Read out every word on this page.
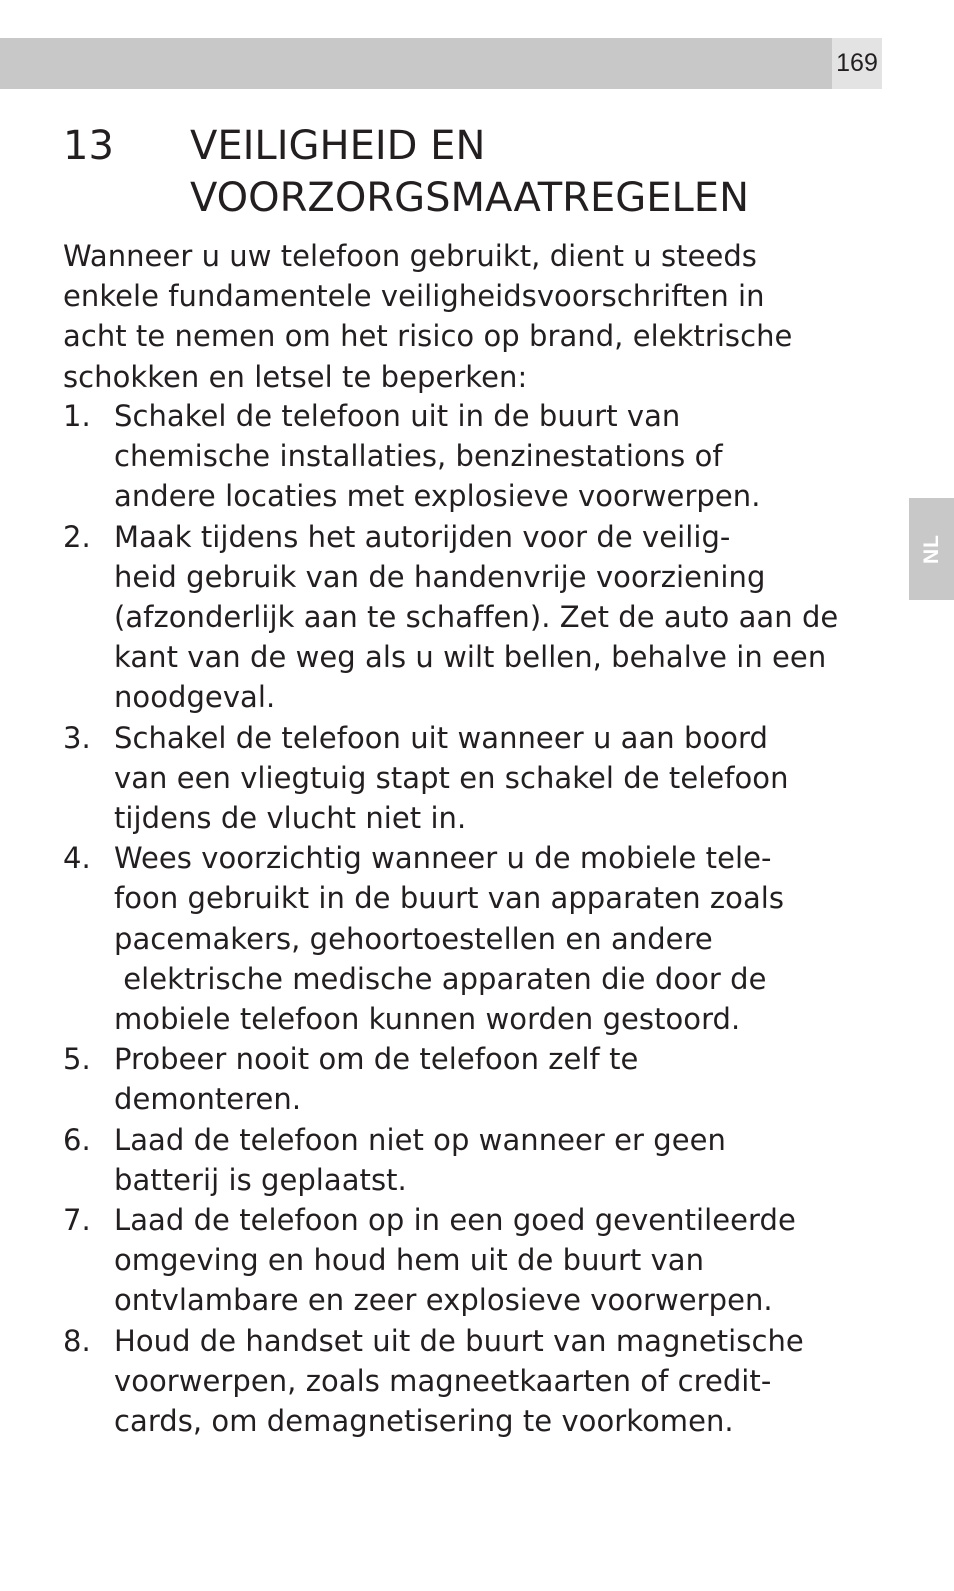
169
NL
13 VEILIGHEID EN
VOORZORGSMAATREGELEN

Wanneer u uw telefoon gebruikt, dient u steeds
enkele fundamentele veiligheidsvoorschriften in
acht te nemen om het risico op brand, elektrische
schokken en letsel te beperken:

1. Schakel de telefoon uit in de buurt van
chemische installaties, benzinestations of
andere locaties met explosieve voorwerpen.
2. Maak tijdens het autorijden voor de veilig-
heid gebruik van de handenvrije voorziening
(afzonderlijk aan te schaffen). Zet de auto aan de
kant van de weg als u wilt bellen, behalve in een
noodgeval.
3. Schakel de telefoon uit wanneer u aan boord
van een vliegtuig stapt en schakel de telefoon
tijdens de vlucht niet in.
4. Wees voorzichtig wanneer u de mobiele tele-
foon gebruikt in de buurt van apparaten zoals
pacemakers, gehoortoestellen en andere
elektrische medische apparaten die door de
mobiele telefoon kunnen worden gestoord.
5. Probeer nooit om de telefoon zelf te
demonteren.
6. Laad de telefoon niet op wanneer er geen
batterij is geplaatst.
7. Laad de telefoon op in een goed geventileerde
omgeving en houd hem uit de buurt van
ontvlambare en zeer explosieve voorwerpen.
8. Houd de handset uit de buurt van magnetische
voorwerpen, zoals magneetkaarten of credit-
cards, om demagnetisering te voorkomen.
